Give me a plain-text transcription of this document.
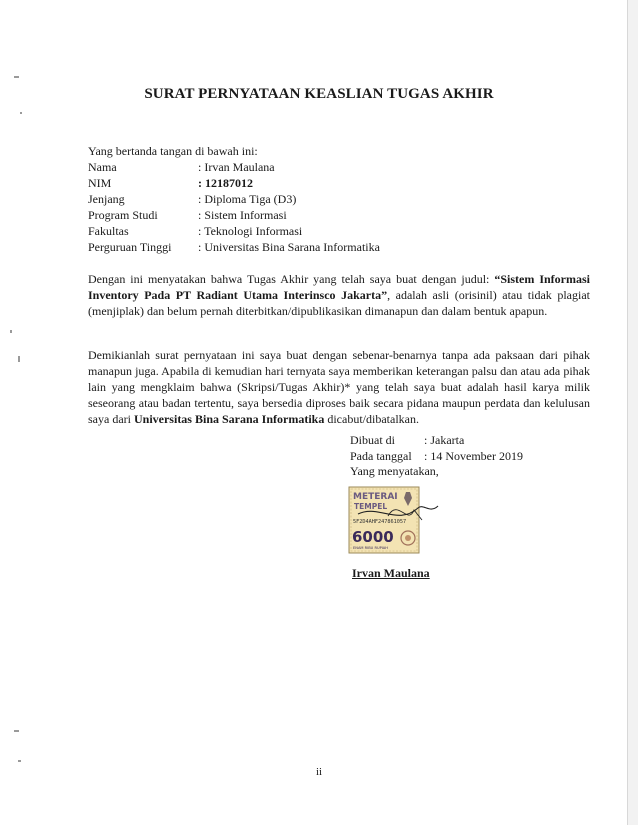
SURAT PERNYATAAN KEASLIAN TUGAS AKHIR
Yang bertanda tangan di bawah ini:
Nama	: Irvan Maulana
NIM	: 12187012
Jenjang	: Diploma Tiga (D3)
Program Studi	: Sistem Informasi
Fakultas	: Teknologi Informasi
Perguruan Tinggi	: Universitas Bina Sarana Informatika

Dengan ini menyatakan bahwa Tugas Akhir yang telah saya buat dengan judul: “Sistem Informasi Inventory Pada PT Radiant Utama Interinsco Jakarta”, adalah asli (orisinil) atau tidak plagiat (menjiplak) dan belum pernah diterbitkan/dipublikasikan dimanapun dan dalam bentuk apapun.

Demikianlah surat pernyataan ini saya buat dengan sebenar-benarnya tanpa ada paksaan dari pihak manapun juga. Apabila di kemudian hari ternyata saya memberikan keterangan palsu dan atau ada pihak lain yang mengklaim bahwa (Skripsi/Tugas Akhir)* yang telah saya buat adalah hasil karya milik seseorang atau badan tertentu, saya bersedia diproses baik secara pidana maupun perdata dan kelulusan saya dari Universitas Bina Sarana Informatika dicabut/dibatalkan.

Dibuat di	: Jakarta
Pada tanggal	: 14 November 2019
Yang menyatakan,
METERAI
TEMPEL
5F2D4AHF247861057
6000
ENAM RIBU RUPIAH
Irvan Maulana
ii
